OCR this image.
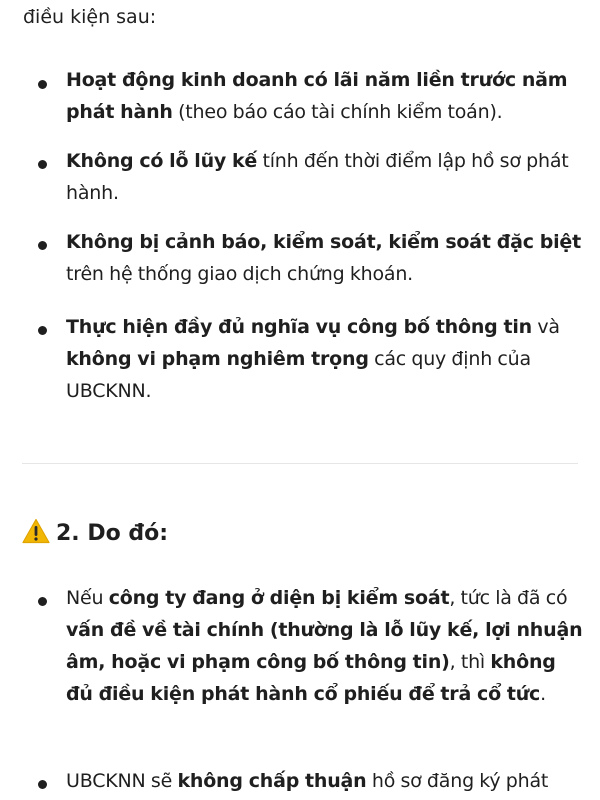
điều kiện sau:
Hoạt động kinh doanh có lãi năm liền trước năm phát hành (theo báo cáo tài chính kiểm toán).
Không có lỗ lũy kế tính đến thời điểm lập hồ sơ phát hành.
Không bị cảnh báo, kiểm soát, kiểm soát đặc biệt trên hệ thống giao dịch chứng khoán.
Thực hiện đầy đủ nghĩa vụ công bố thông tin và không vi phạm nghiêm trọng các quy định của UBCKNN.
2. Do đó:
Nếu công ty đang ở diện bị kiểm soát, tức là đã có vấn đề về tài chính (thường là lỗ lũy kế, lợi nhuận âm, hoặc vi phạm công bố thông tin), thì không đủ điều kiện phát hành cổ phiếu để trả cổ tức.
UBCKNN sẽ không chấp thuận hồ sơ đăng ký phát
